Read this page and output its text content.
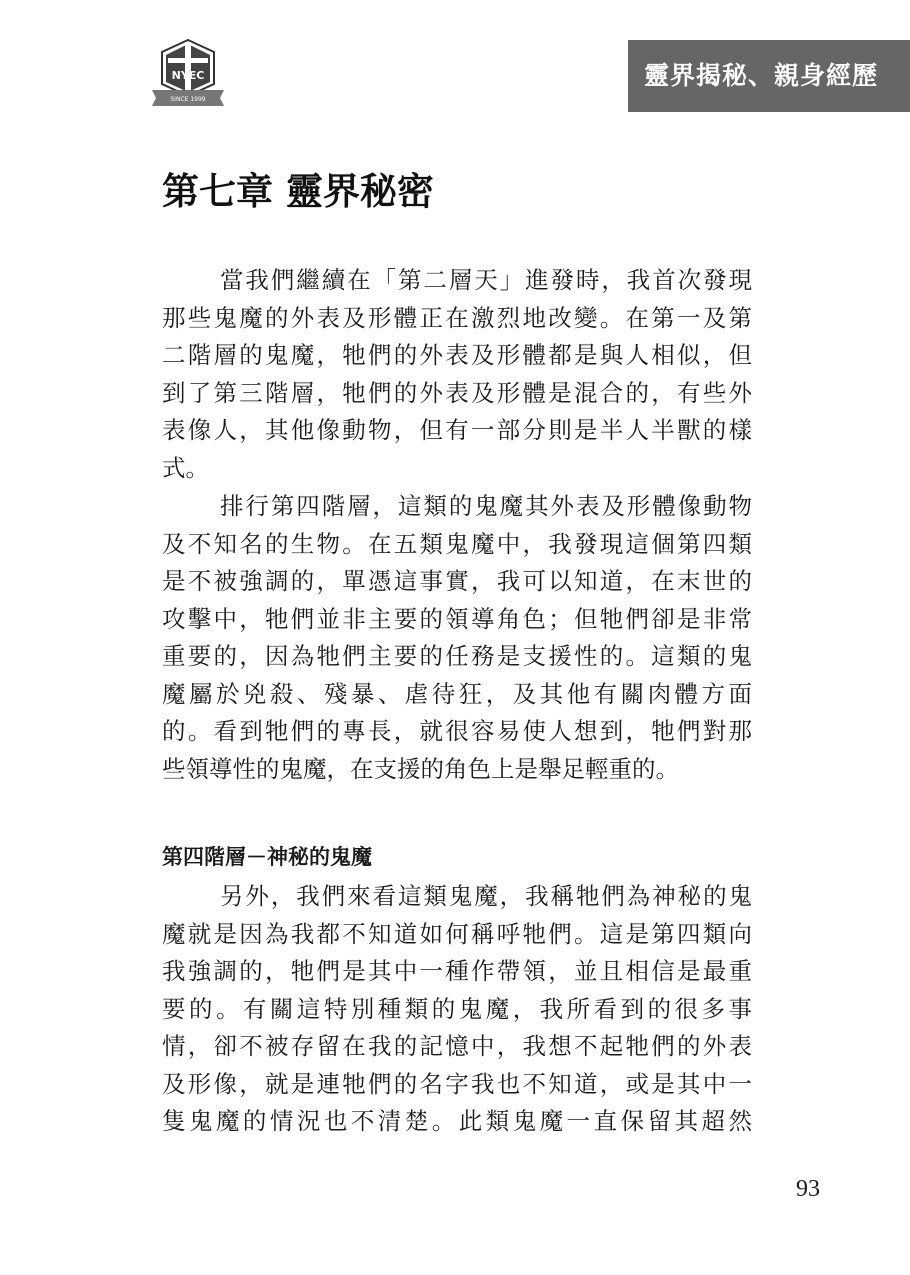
NYEC
SINCE 1999
靈界揭秘、親身經歷
第七章 靈界秘密
當我們繼續在「第二層天」進發時，我首次發現
那些鬼魔的外表及形體正在激烈地改變。在第一及第
二階層的鬼魔，牠們的外表及形體都是與人相似，但
到了第三階層，牠們的外表及形體是混合的，有些外
表像人，其他像動物，但有一部分則是半人半獸的樣
式。
排行第四階層，這類的鬼魔其外表及形體像動物
及不知名的生物。在五類鬼魔中，我發現這個第四類
是不被強調的，單憑這事實，我可以知道，在末世的
攻擊中，牠們並非主要的領導角色；但牠們卻是非常
重要的，因為牠們主要的任務是支援性的。這類的鬼
魔屬於兇殺、殘暴、虐待狂，及其他有關肉體方面
的。看到牠們的專長，就很容易使人想到，牠們對那
些領導性的鬼魔，在支援的角色上是舉足輕重的。
第四階層－神秘的鬼魔
另外，我們來看這類鬼魔，我稱牠們為神秘的鬼
魔就是因為我都不知道如何稱呼牠們。這是第四類向
我強調的，牠們是其中一種作帶領，並且相信是最重
要的。有關這特別種類的鬼魔，我所看到的很多事
情，卻不被存留在我的記憶中，我想不起牠們的外表
及形像，就是連牠們的名字我也不知道，或是其中一
隻鬼魔的情況也不清楚。此類鬼魔一直保留其超然
93
